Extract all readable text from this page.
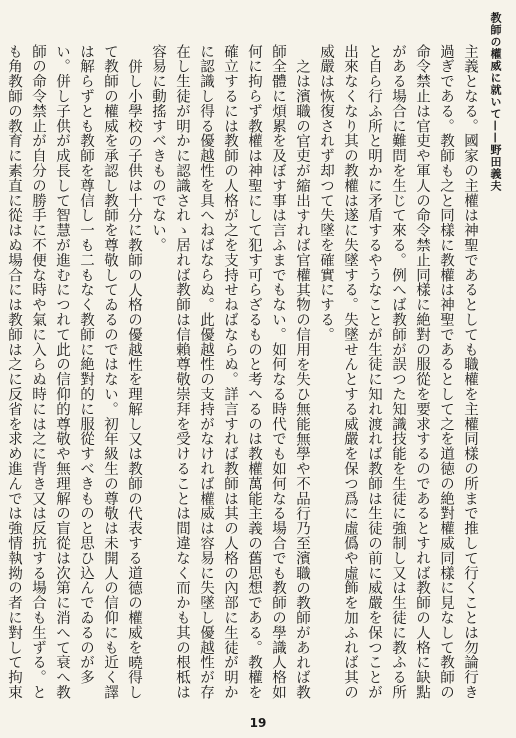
教師の權威に就いて——野田義夫

主義となる。國家の主權は神聖であるとしても職權を主權同樣の所まで推して行くことは勿論行き過ぎである。教師も之と同樣に教權は神聖であるとして之を道徳の絶對權威同樣に見なして教師の命令禁止は官吏や軍人の命令禁止同樣に絶對の服從を要求するのであるとすれば教師の人格に缺點がある場合に難問を生じて來る。例へば教師が誤つた知識技能を生徒に強制し又は生徒に教ふる所と自ら行ふ所と明かに矛盾するやうなことが生徒に知れ渡れば教師は生徒の前に威嚴を保つことが出來なくなり其の教權は遂に失墜する。失墜せんとする威嚴を保つ爲に虛僞や虛飾を加ふれば其の威嚴は恢復されず却つて失墜を確實にする。

之は濱職の官吏が縮出すれば官權其物の信用を失ひ無能無學や不品行乃至濱職の教師があれば教師全體に煩累を及ぼす事は言ふまでもない。如何なる時代でも如何なる場合でも教師の學識人格如何に拘らず教權は神聖にして犯す可らざるものと考へるのは教權萬能主義の舊思想である。教權を確立するには教師の人格が之を支持せねばならぬ。詳言すれば教師は其の人格の內部に生徒が明かに認識し得る優越性を具へねばならぬ。此優越性の支持がなければ權威は容易に失墜し優越性が存在し生徒が明かに認識されゝ居れば教師は信賴尊敬崇拜を受けることは間違なく而かも其の根柢は容易に動搖すべきものでない。

併し小學校の子供は十分に教師の人格の優越性を理解し又は教師の代表する道德の權威を曉得して教師の權威を承認し教師を尊敬してゐるのではない。初年級生の尊敬は未開人の信仰にも近く譯は解らずとも教師を尊信し一も二もなく教師に絶對的に服從すべきものと思ひ込んでゐるのが多い。併し子供が成長して智慧が進むにつれて此の信仰的尊敬や無理解の盲從は次第に消へて衰へ教師の命令禁止が自分の勝手に不便な時や氣に入らぬ時には之に背き又は反抗する場合も生ずる。とも角教師の教育に素直に從はぬ場合には教師は之に反省を求め進んでは強情執拗の者に對して拘束

19
